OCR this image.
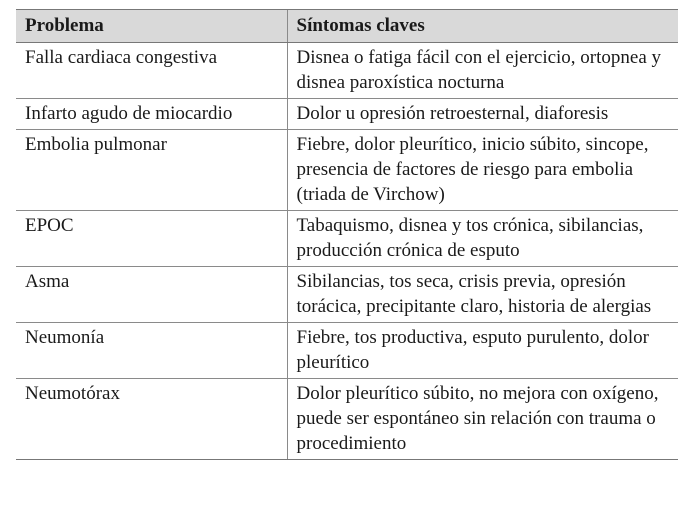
Problema	Síntomas claves
Falla cardiaca congestiva	Disnea o fatiga fácil con el ejercicio, ortopnea y disnea paroxística nocturna
Infarto agudo de miocardio	Dolor u opresión retroesternal, diaforesis
Embolia pulmonar	Fiebre, dolor pleurítico, inicio súbito, sincope, presencia de factores de riesgo para embolia (triada de Virchow)
EPOC	Tabaquismo, disnea y tos crónica, sibilancias, producción crónica de esputo
Asma	Sibilancias, tos seca, crisis previa, opresión torácica, precipitante claro, historia de alergias
Neumonía	Fiebre, tos productiva, esputo purulento, dolor pleurítico
Neumotórax	Dolor pleurítico súbito, no mejora con oxígeno, puede ser espontáneo sin relación con trauma o procedimiento
